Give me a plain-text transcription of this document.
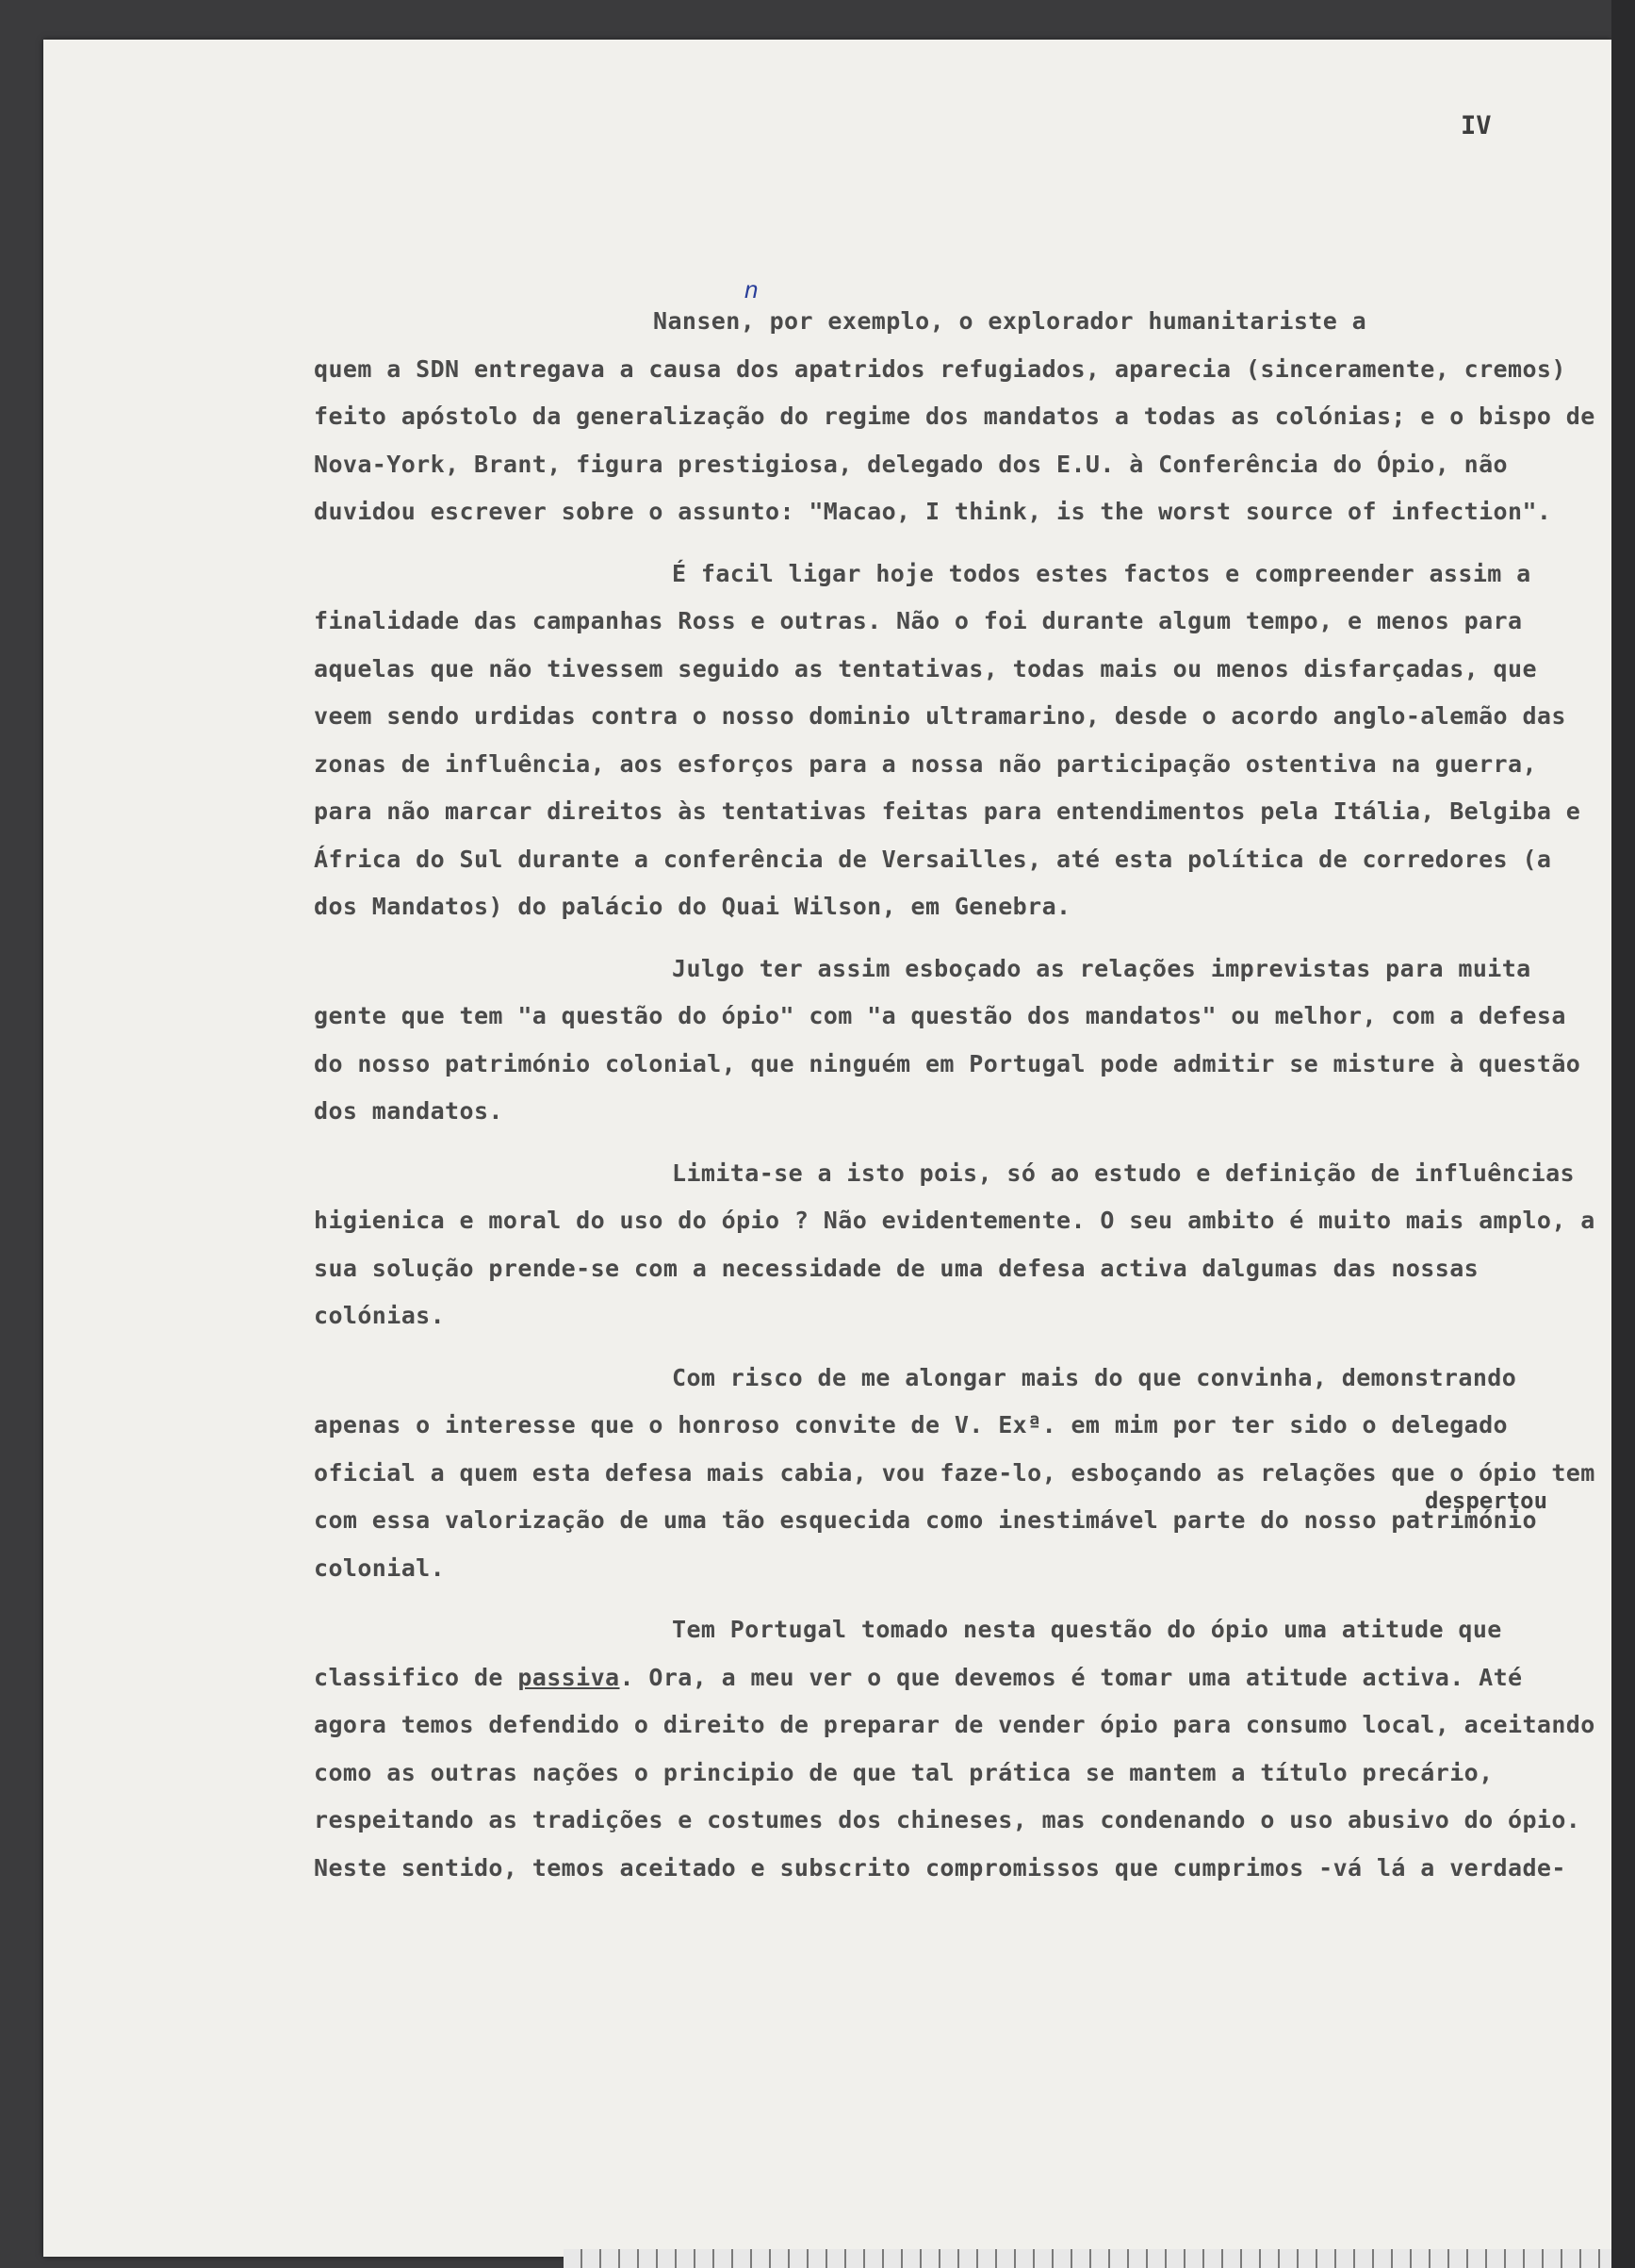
IV
n
despertou

Nansen, por exemplo, o explorador humanitariste a
quem a SDN entregava a causa dos apatridos refugiados, aparecia (sinceramente, cremos) feito apóstolo da generalização do regime dos mandatos a todas as colónias; e o bispo de Nova-York, Brant, figura prestigiosa, delegado dos E.U. à Conferência do Ópio, não duvidou escrever sobre o assunto: "Macao, I think, is the worst source of infection".

É facil ligar hoje todos estes factos e compreender assim a finalidade das campanhas Ross e outras. Não o foi durante algum tempo, e menos para aquelas que não tivessem seguido as tentativas, todas mais ou menos disfarçadas, que veem sendo urdidas contra o nosso dominio ultramarino, desde o acordo anglo-alemão das zonas de influência, aos esforços para a nossa não participação ostentiva na guerra, para não marcar direitos às tentativas feitas para entendimentos pela Itália, Belgiba e África do Sul durante a conferência de Versailles, até esta política de corredores (a dos Mandatos) do palácio do Quai Wilson, em Genebra.

Julgo ter assim esboçado as relações imprevistas para muita gente que tem "a questão do ópio" com "a questão dos mandatos" ou melhor, com a defesa do nosso património colonial, que ninguém em Portugal pode admitir se misture à questão dos mandatos.

Limita-se a isto pois, só ao estudo e definição de influências higienica e moral do uso do ópio ? Não evidentemente. O seu ambito é muito mais amplo, a sua solução prende-se com a necessidade de uma defesa activa dalgumas das nossas colónias.

Com risco de me alongar mais do que convinha, demonstrando apenas o interesse que o honroso convite de V. Exª. em mim por ter sido o delegado oficial a quem esta defesa mais cabia, vou faze-lo, esboçando as relações que o ópio tem com essa valorização de uma tão esquecida como inestimável parte do nosso património colonial.

Tem Portugal tomado nesta questão do ópio uma atitude que classifico de passiva. Ora, a meu ver o que devemos é tomar uma atitude activa. Até agora temos defendido o direito de preparar de vender ópio para consumo local, aceitando como as outras nações o principio de que tal prática se mantem a título precário, respeitando as tradições e costumes dos chineses, mas condenando o uso abusivo do ópio. Neste sentido, temos aceitado e subscrito compromissos que cumprimos -vá lá a verdade-
